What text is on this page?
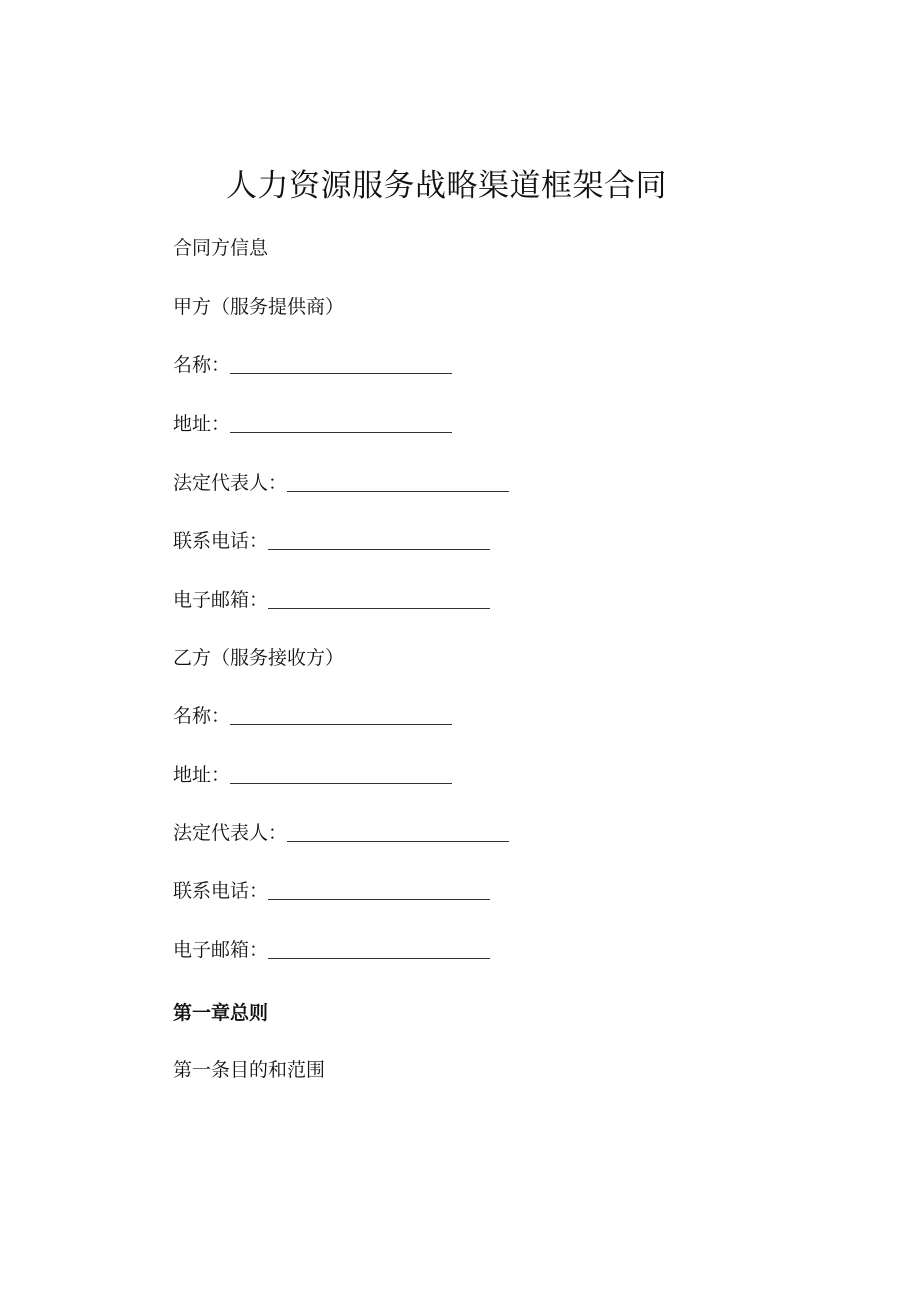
人力资源服务战略渠道框架合同
合同方信息
甲方（服务提供商）
名称：
地址：
法定代表人：
联系电话：
电子邮箱：
乙方（服务接收方）
名称：
地址：
法定代表人：
联系电话：
电子邮箱：
第一章总则
第一条目的和范围
